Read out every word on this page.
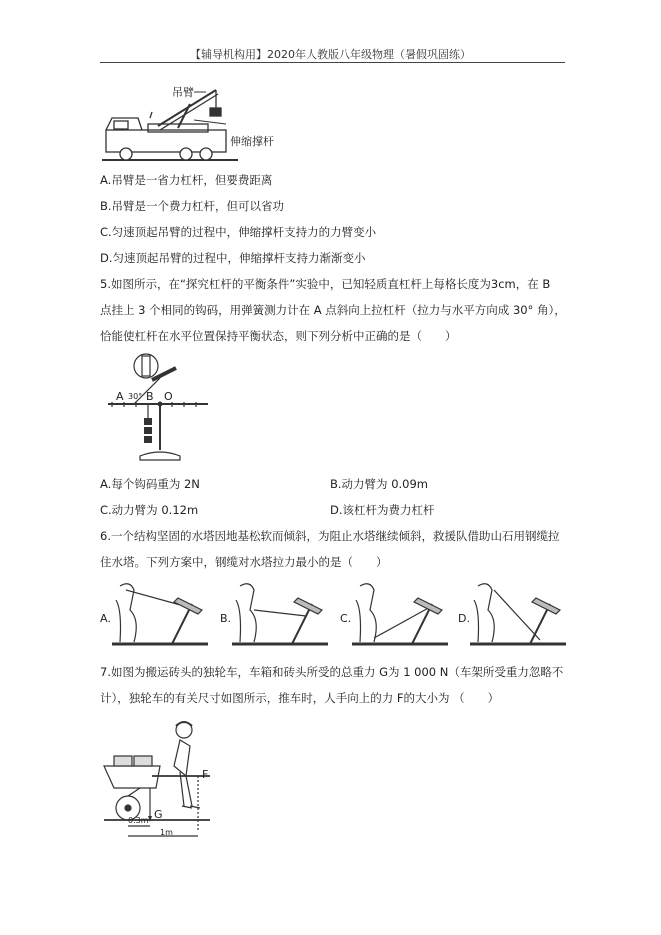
【辅导机构用】2020年人教版八年级物理（暑假巩固练）
吊臂
伸缩撑杆
A.吊臂是一省力杠杆，但要费距离
B.吊臂是一个费力杠杆，但可以省功
C.匀速顶起吊臂的过程中，伸缩撑杆支持力的力臂变小
D.匀速顶起吊臂的过程中，伸缩撑杆支持力渐渐变小
5.如图所示，在“探究杠杆的平衡条件”实验中，已知轻质直杠杆上每格长度为3cm，在 B
点挂上 3 个相同的钩码，用弹簧测力计在 A 点斜向上拉杠杆（拉力与水平方向成 30° 角），
恰能使杠杆在水平位置保持平衡状态，则下列分析中正确的是（　　）
A 30° B O
A.每个钩码重为 2N	B.动力臂为 0.09m
C.动力臂为 0.12m	D.该杠杆为费力杠杆
6.一个结构坚固的水塔因地基松软而倾斜，为阻止水塔继续倾斜，救援队借助山石用钢缆拉
住水塔。下列方案中，钢缆对水塔拉力最小的是（　　）
A.	B.	C.	D.
7.如图为搬运砖头的独轮车，车箱和砖头所受的总重力 G为 1 000 N（车架所受重力忽略不
计），独轮车的有关尺寸如图所示，推车时，人手向上的力 F的大小为 （　　）
G
F
0.3m
1m
